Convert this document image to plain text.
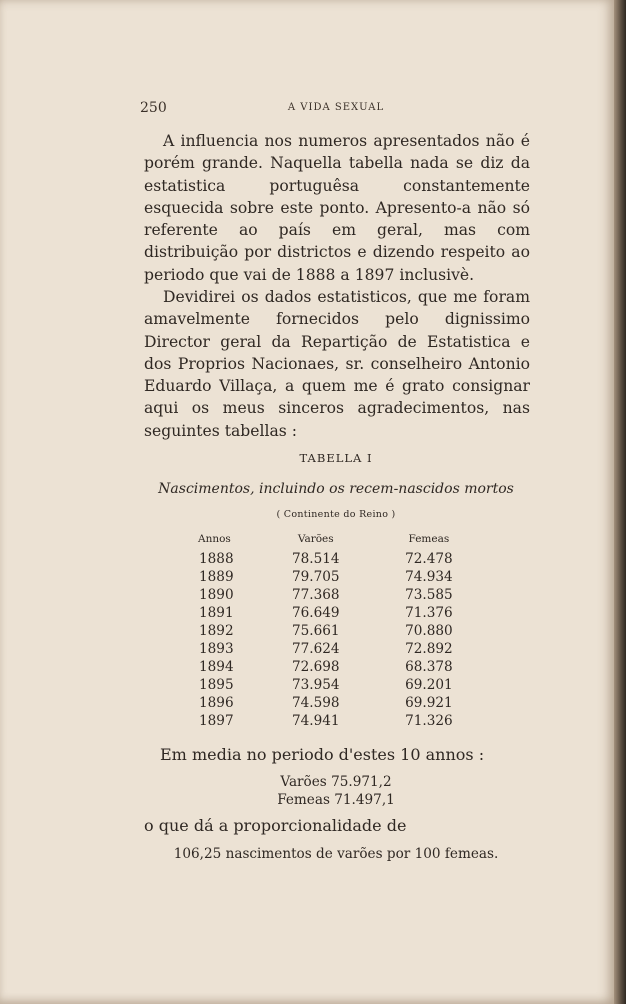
250	A VIDA SEXUAL

A influencia nos numeros apresentados não é porém grande. Naquella tabella nada se diz da estatistica portuguêsa constantemente esquecida sobre este ponto. Apresento-a não só referente ao país em geral, mas com distribuição por districtos e dizendo respeito ao periodo que vai de 1888 a 1897 inclusivè.

Devidirei os dados estatisticos, que me foram amavelmente fornecidos pelo dignissimo Director geral da Repartição de Estatistica e dos Proprios Nacionaes, sr. conselheiro Antonio Eduardo Villaça, a quem me é grato consignar aqui os meus sinceros agradecimentos, nas seguintes tabellas :

TABELLA I
Nascimentos, incluindo os recem-nascidos mortos
( Continente do Reino )
Annos	Varões	Femeas
1888	78.514	72.478
1889	79.705	74.934
1890	77.368	73.585
1891	76.649	71.376
1892	75.661	70.880
1893	77.624	72.892
1894	72.698	68.378
1895	73.954	69.201
1896	74.598	69.921
1897	74.941	71.326
Em media no periodo d'estes 10 annos :
Varões 75.971,2
Femeas 71.497,1
o que dá a proporcionalidade de
106,25 nascimentos de varões por 100 femeas.
